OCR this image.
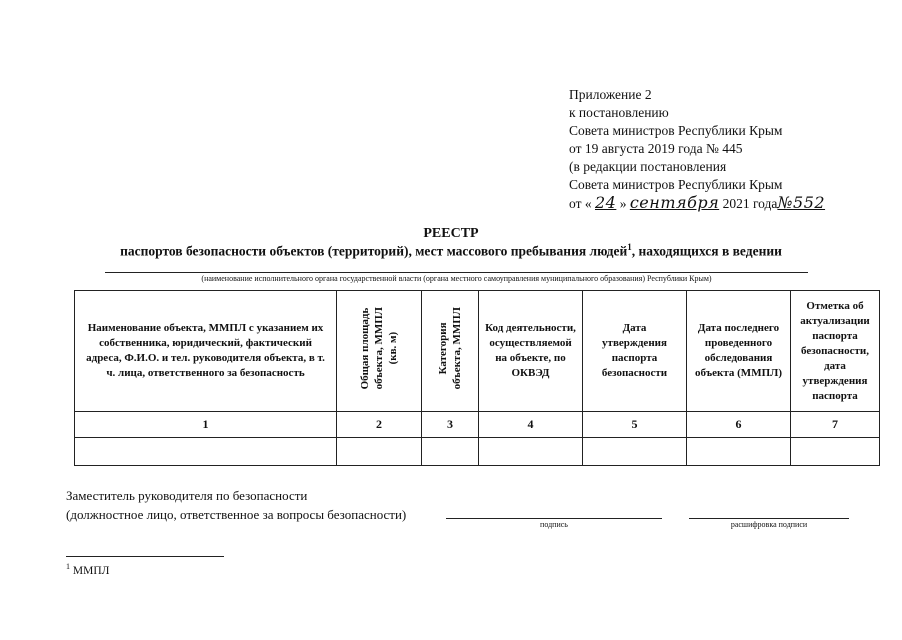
Приложение 2
к постановлению
Совета министров Республики Крым
от 19 августа 2019 года № 445
(в редакции постановления
Совета министров Республики Крым
от « 24 » сентября 2021 года№552
РЕЕСТР
паспортов безопасности объектов (территорий), мест массового пребывания людей$^1$, находящихся в ведении
(наименование исполнительного органа государственной власти (органа местного самоуправления муниципального образования) Республики Крым)
Наименование объекта, ММПЛ с указанием их собственника, юридический, фактический адреса, Ф.И.О. и тел. руководителя объекта, в т. ч. лица, ответственного за безопасность	Общая площадь объекта, ММПЛ (кв. м)	Категория объекта, ММПЛ	Код деятельности, осуществляемой на объекте, по ОКВЭД	Дата утверждения паспорта безопасности	Дата последнего проведенного обследования объекта (ММПЛ)	Отметка об актуализации паспорта безопасности, дата утверждения паспорта

1	2	3	4	5	6	7

Заместитель руководителя по безопасности
(должностное лицо, ответственное за вопросы безопасности)
подпись	расшифровка подписи
$^1$ ММПЛ
